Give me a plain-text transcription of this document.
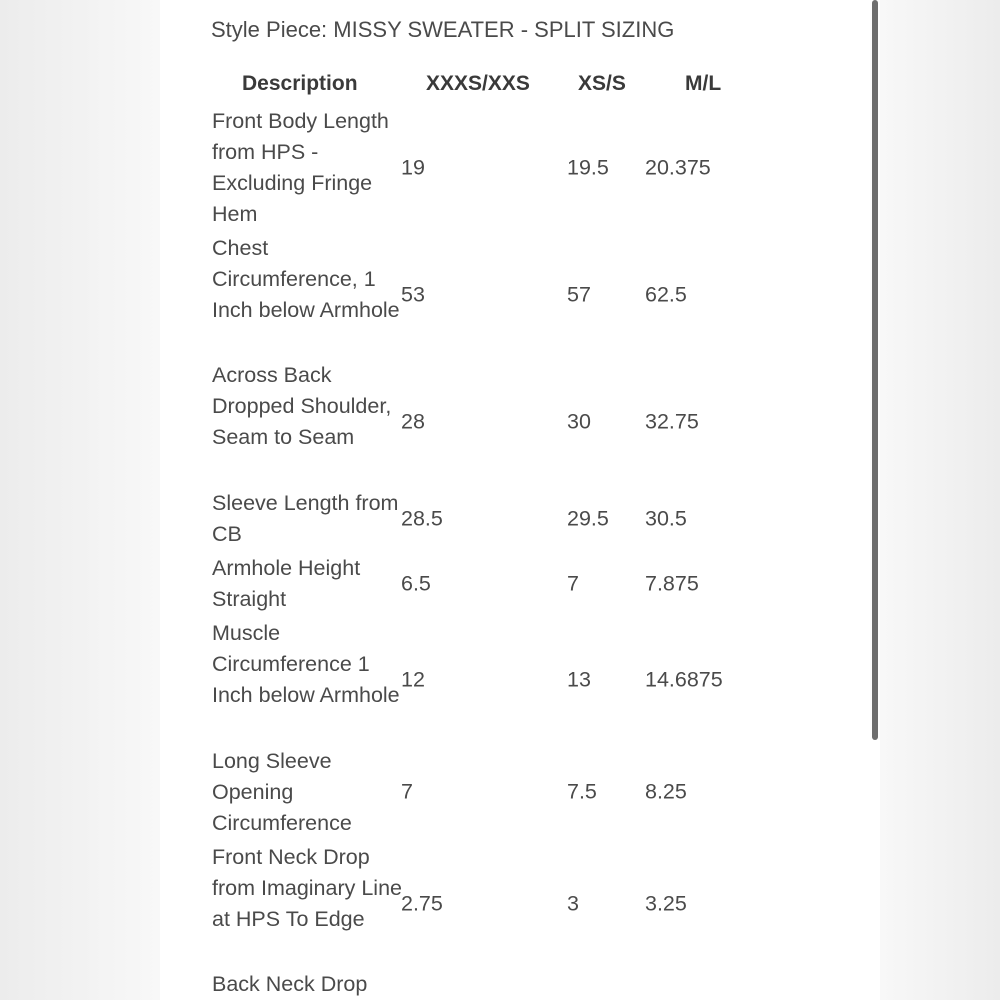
Style Piece: MISSY SWEATER - SPLIT SIZING
Description	XXXS/XXS XS/S	M/L
Front Body Length from HPS - Excluding Fringe Hem
19	19.5 20.375
Chest Circumference, 1 Inch below Armhole
53	57	62.5
Across Back Dropped Shoulder, Seam to Seam
28	30	32.75
Sleeve Length from CB
28.5	29.5 30.5
Armhole Height Straight
6.5	7	7.875
Muscle Circumference 1 Inch below Armhole
12	13	14.6875
Long Sleeve Opening Circumference
7	7.5 8.25
Front Neck Drop from Imaginary Line at HPS To Edge
2.75	3	3.25
Back Neck Drop
